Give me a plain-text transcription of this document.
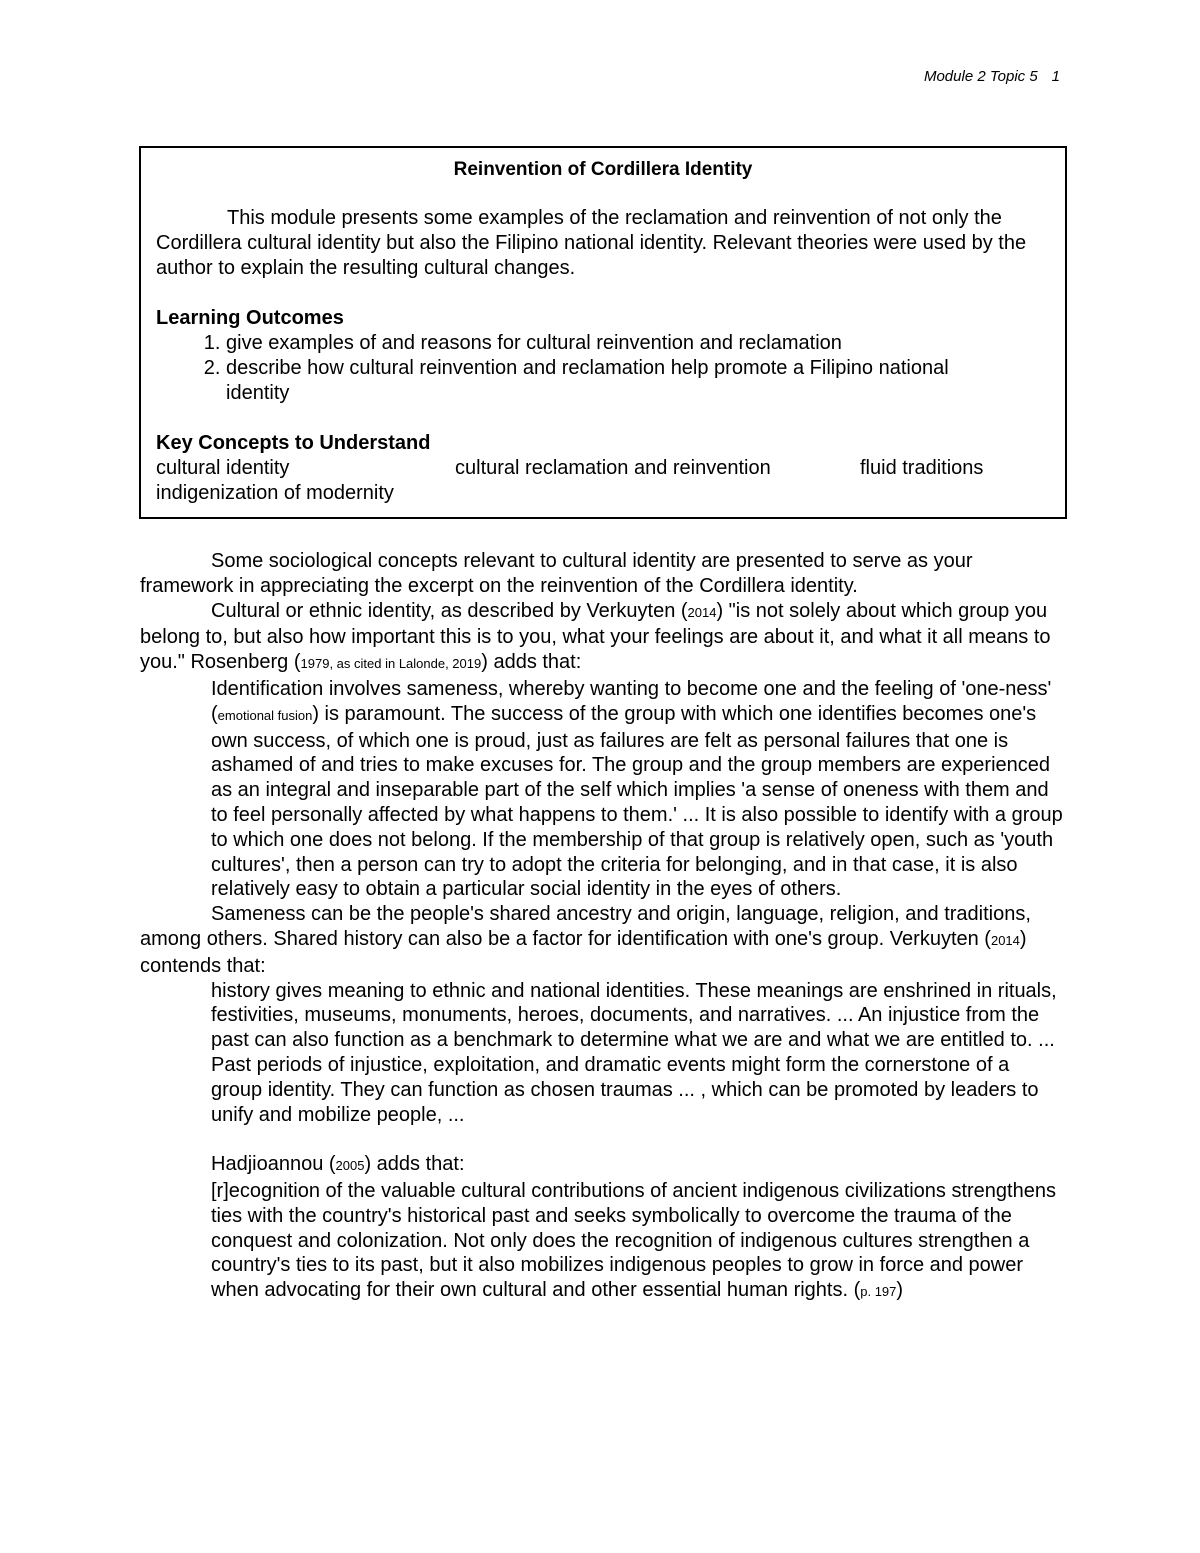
Module 2 Topic 5 1

Reinvention of Cordillera Identity

This module presents some examples of the reclamation and reinvention of not only the Cordillera cultural identity but also the Filipino national identity. Relevant theories were used by the author to explain the resulting cultural changes.

Learning Outcomes

1. give examples of and reasons for cultural reinvention and reclamation
2. describe how cultural reinvention and reclamation help promote a Filipino national identity

Key Concepts to Understand

cultural identity	cultural reclamation and reinvention	fluid traditions
indigenization of modernity

Some sociological concepts relevant to cultural identity are presented to serve as your framework in appreciating the excerpt on the reinvention of the Cordillera identity.

Cultural or ethnic identity, as described by Verkuyten (2014) "is not solely about which group you belong to, but also how important this is to you, what your feelings are about it, and what it all means to you." Rosenberg (1979, as cited in Lalonde, 2019) adds that:

Identification involves sameness, whereby wanting to become one and the feeling of 'one-ness' (emotional fusion) is paramount. The success of the group with which one identifies becomes one's own success, of which one is proud, just as failures are felt as personal failures that one is ashamed of and tries to make excuses for. The group and the group members are experienced as an integral and inseparable part of the self which implies 'a sense of oneness with them and to feel personally affected by what happens to them.' ... It is also possible to identify with a group to which one does not belong. If the membership of that group is relatively open, such as 'youth cultures', then a person can try to adopt the criteria for belonging, and in that case, it is also relatively easy to obtain a particular social identity in the eyes of others.

Sameness can be the people's shared ancestry and origin, language, religion, and traditions, among others. Shared history can also be a factor for identification with one's group. Verkuyten (2014) contends that:

history gives meaning to ethnic and national identities. These meanings are enshrined in rituals, festivities, museums, monuments, heroes, documents, and narratives. ... An injustice from the past can also function as a benchmark to determine what we are and what we are entitled to. ... Past periods of injustice, exploitation, and dramatic events might form the cornerstone of a group identity. They can function as chosen traumas ... , which can be promoted by leaders to unify and mobilize people, ...

Hadjioannou (2005) adds that:

[r]ecognition of the valuable cultural contributions of ancient indigenous civilizations strengthens ties with the country's historical past and seeks symbolically to overcome the trauma of the conquest and colonization. Not only does the recognition of indigenous cultures strengthen a country's ties to its past, but it also mobilizes indigenous peoples to grow in force and power when advocating for their own cultural and other essential human rights. (p. 197)
